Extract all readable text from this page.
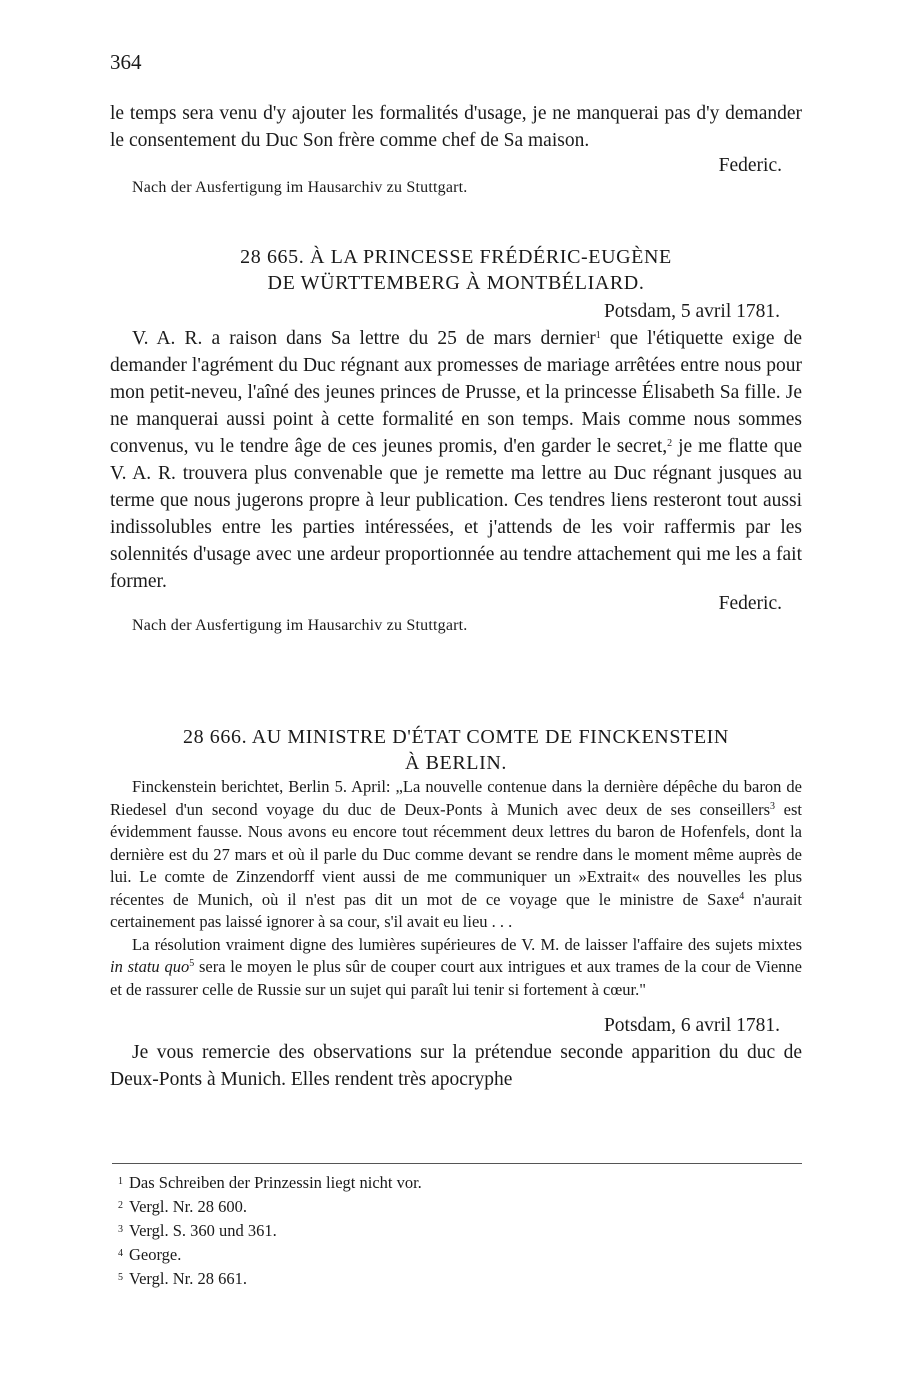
364

le temps sera venu d'y ajouter les formalités d'usage, je ne manquerai pas d'y demander le consentement du Duc Son frère comme chef de Sa maison.

Federic.

Nach der Ausfertigung im Hausarchiv zu Stuttgart.

28 665. À LA PRINCESSE FRÉDÉRIC-EUGÈNE

DE WÜRTTEMBERG À MONTBÉLIARD.

Potsdam, 5 avril 1781.

V. A. R. a raison dans Sa lettre du 25 de mars dernier$^1$ que l'étiquette exige de demander l'agrément du Duc régnant aux promesses de mariage arrêtées entre nous pour mon petit-neveu, l'aîné des jeunes princes de Prusse, et la princesse Élisabeth Sa fille. Je ne manquerai aussi point à cette formalité en son temps. Mais comme nous sommes convenus, vu le tendre âge de ces jeunes promis, d'en garder le secret,$^2$ je me flatte que V. A. R. trouvera plus convenable que je remette ma lettre au Duc régnant jusques au terme que nous jugerons propre à leur publication. Ces tendres liens resteront tout aussi indissolubles entre les parties intéressées, et j'attends de les voir raffermis par les solennités d'usage avec une ardeur proportionnée au tendre attachement qui me les a fait former.

Federic.

Nach der Ausfertigung im Hausarchiv zu Stuttgart.

28 666. AU MINISTRE D'ÉTAT COMTE DE FINCKENSTEIN

À BERLIN.

Finckenstein berichtet, Berlin 5. April: „La nouvelle contenue dans la dernière dépêche du baron de Riedesel d'un second voyage du duc de Deux-Ponts à Munich avec deux de ses conseillers$^3$ est évidemment fausse. Nous avons eu encore tout récemment deux lettres du baron de Hofenfels, dont la dernière est du 27 mars et où il parle du Duc comme devant se rendre dans le moment même auprès de lui. Le comte de Zinzendorff vient aussi de me communiquer un »Extrait« des nouvelles les plus récentes de Munich, où il n'est pas dit un mot de ce voyage que le ministre de Saxe$^4$ n'aurait certainement pas laissé ignorer à sa cour, s'il avait eu lieu . . .

La résolution vraiment digne des lumières supérieures de V. M. de laisser l'affaire des sujets mixtes in statu quo$^5$ sera le moyen le plus sûr de couper court aux intrigues et aux trames de la cour de Vienne et de rassurer celle de Russie sur un sujet qui paraît lui tenir si fortement à cœur."

Potsdam, 6 avril 1781.

Je vous remercie des observations sur la prétendue seconde apparition du duc de Deux-Ponts à Munich. Elles rendent très apocryphe

$^1$ Das Schreiben der Prinzessin liegt nicht vor.
$^2$ Vergl. Nr. 28 600.
$^3$ Vergl. S. 360 und 361.
$^4$ George.
$^5$ Vergl. Nr. 28 661.
